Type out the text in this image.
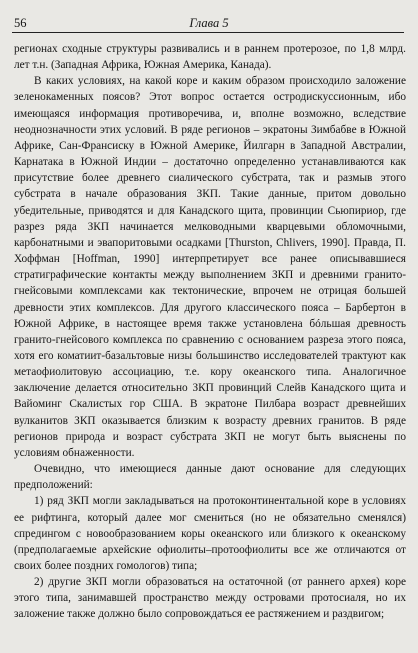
56	Глава 5

регионах сходные структуры развивались и в раннем протерозое, по 1,8 млрд. лет т.н. (Западная Африка, Южная Америка, Канада).

В каких условиях, на какой коре и каким образом происходило заложение зеленокаменных поясов? Этот вопрос остается остродискуссионным, ибо имеющаяся информация противоречива, и, вполне возможно, вследствие неоднозначности этих условий. В ряде регионов – экратоны Зимбабве в Южной Африке, Сан-Франсиску в Южной Америке, Йилгарн в Западной Австралии, Карнатака в Южной Индии – достаточно определенно устанавливаются как присутствие более древнего сиалического субстрата, так и размыв этого субстрата в начале образования ЗКП. Такие данные, притом довольно убедительные, приводятся и для Канадского щита, провинции Сьюпириор, где разрез ряда ЗКП начинается мелководными кварцевыми обломочными, карбонатными и эвапоритовыми осадками [Thurston, Chlivers, 1990]. Правда, П. Хоффман [Hoffman, 1990] интерпретирует все ранее описывавшиеся стратиграфические контакты между выполнением ЗКП и древними гранито-гнейсовыми комплексами как тектонические, впрочем не отрицая большей древности этих комплексов. Для другого классического пояса – Барбертон в Южной Африке, в настоящее время также установлена бóльшая древность гранито-гнейсового комплекса по сравнению с основанием разреза этого пояса, хотя его коматиит-базальтовые низы большинство исследователей трактуют как метаофиолитовую ассоциацию, т.е. кору океанского типа. Аналогичное заключение делается относительно ЗКП провинций Слейв Канадского щита и Вайоминг Скалистых гор США. В экратоне Пилбара возраст древнейших вулканитов ЗКП оказывается близким к возрасту древних гранитов. В ряде регионов природа и возраст субстрата ЗКП не могут быть выяснены по условиям обнаженности.

Очевидно, что имеющиеся данные дают основание для следующих предположений:

1) ряд ЗКП могли закладываться на протоконтинентальной коре в условиях ее рифтинга, который далее мог смениться (но не обязательно сменялся) спредингом с новообразованием коры океанского или близкого к океанскому (предполагаемые архейские офиолиты–протоофиолиты все же отличаются от своих более поздних гомологов) типа;

2) другие ЗКП могли образоваться на остаточной (от раннего архея) коре этого типа, занимавшей пространство между островами протосиаля, но их заложение также должно было сопровождаться ее растяжением и раздвигом;
